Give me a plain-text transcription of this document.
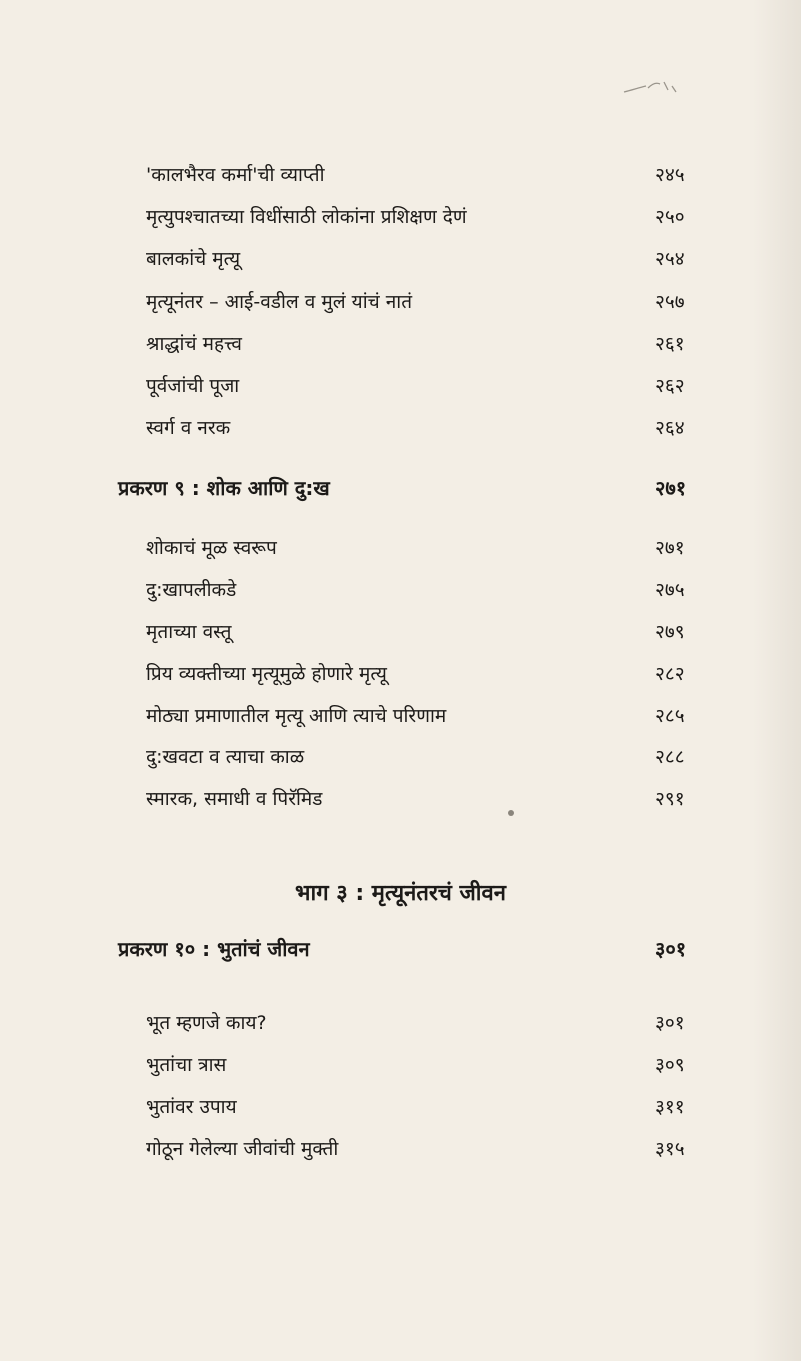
'कालभैरव कर्मा'ची व्याप्ती	२४५
मृत्युपश्चातच्या विधींसाठी लोकांना प्रशिक्षण देणं	२५०
बालकांचे मृत्यू	२५४
मृत्यूनंतर – आई-वडील व मुलं यांचं नातं	२५७
श्राद्धांचं महत्त्व	२६१
पूर्वजांची पूजा	२६२
स्वर्ग व नरक	२६४
प्रकरण ९ : शोक आणि दु:ख	२७१
शोकाचं मूळ स्वरूप	२७१
दु:खापलीकडे	२७५
मृताच्या वस्तू	२७९
प्रिय व्यक्तीच्या मृत्यूमुळे होणारे मृत्यू	२८२
मोठ्या प्रमाणातील मृत्यू आणि त्याचे परिणाम	२८५
दु:खवटा व त्याचा काळ	२८८
स्मारक, समाधी व पिरॅमिड	२९१
भाग ३ : मृत्यूनंतरचं जीवन
प्रकरण १० : भुतांचं जीवन	३०१
भूत म्हणजे काय?	३०१
भुतांचा त्रास	३०९
भुतांवर उपाय	३११
गोठून गेलेल्या जीवांची मुक्ती	३१५
